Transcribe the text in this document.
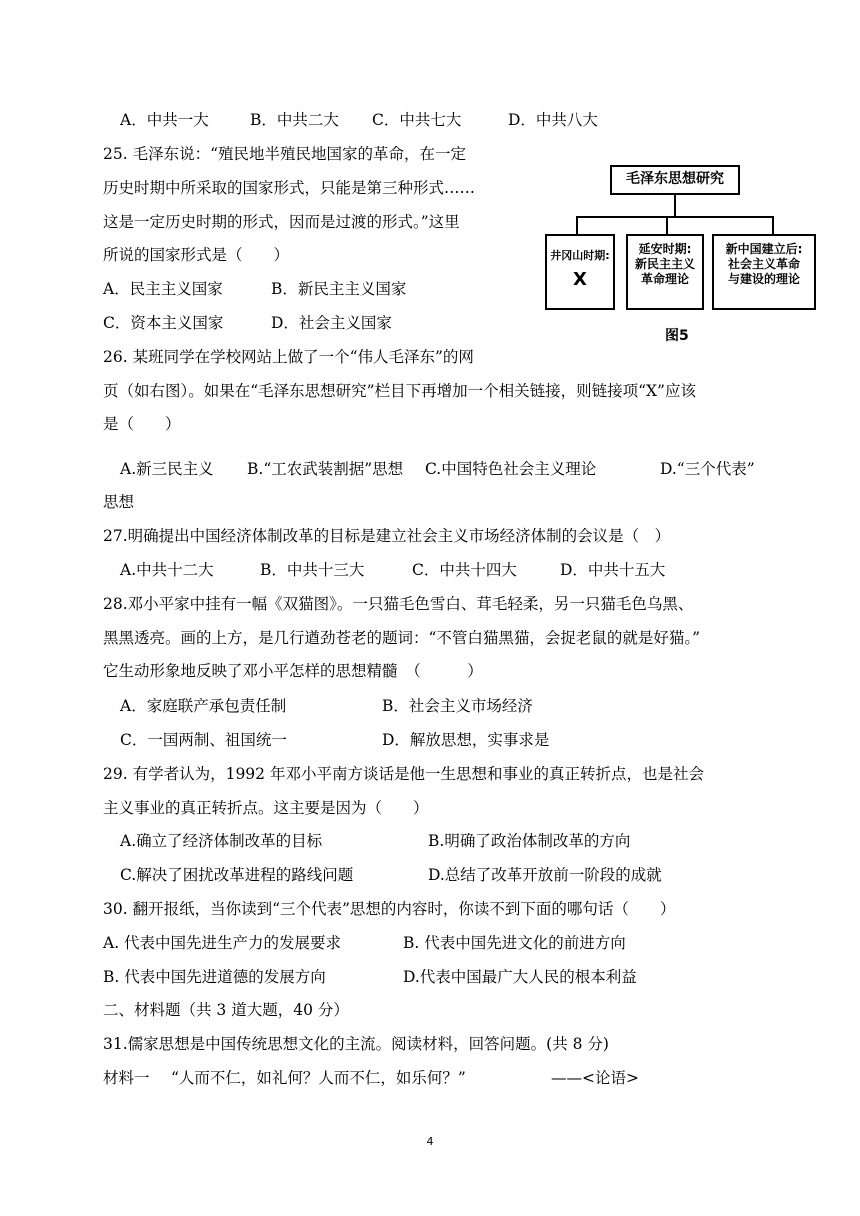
A．中共一大	B．中共二大 C．中共七大	D．中共八大
25. 毛泽东说：“殖民地半殖民地国家的革命，在一定
历史时期中所采取的国家形式，只能是第三种形式……
这是一定历史时期的形式，因而是过渡的形式。”这里
所说的国家形式是（　　）
A．民主主义国家	B．新民主主义国家
C．资本主义国家	D．社会主义国家
毛泽东思想研究
井冈山时期:
X
延安时期:
新民主主义
革命理论
新中国建立后:
社会主义革命
与建设的理论
图5
26. 某班同学在学校网站上做了一个“伟人毛泽东”的网
页（如右图）。如果在“毛泽东思想研究”栏目下再增加一个相关链接，则链接项“X”应该
是（　　）
A.新三民主义 B.“工农武装割据”思想 C.中国特色社会主义理论	D.“三个代表”
思想
27.明确提出中国经济体制改革的目标是建立社会主义市场经济体制的会议是（　）
A.中共十二大	B．中共十三大	C．中共十四大	D．中共十五大
28.邓小平家中挂有一幅《双猫图》。一只猫毛色雪白、茸毛轻柔，另一只猫毛色乌黑、
黑黑透亮。画的上方，是几行遒劲苍老的题词：“不管白猫黑猫，会捉老鼠的就是好猫。”
它生动形象地反映了邓小平怎样的思想精髓　（　　　）
A．家庭联产承包责任制	B．社会主义市场经济
C．一国两制、祖国统一	D．解放思想，实事求是
29. 有学者认为，1992 年邓小平南方谈话是他一生思想和事业的真正转折点，也是社会
主义事业的真正转折点。这主要是因为（　　）
A.确立了经济体制改革的目标	B.明确了政治体制改革的方向
C.解决了困扰改革进程的路线问题	D.总结了改革开放前一阶段的成就
30. 翻开报纸，当你读到“三个代表”思想的内容时，你读不到下面的哪句话（　　）
A. 代表中国先进生产力的发展要求	B. 代表中国先进文化的前进方向
B. 代表中国先进道德的发展方向	D.代表中国最广大人民的根本利益
二、材料题（共 3 道大题，40 分）
31.儒家思想是中国传统思想文化的主流。阅读材料，回答问题。(共 8 分)
材料一 “人而不仁，如礼何？人而不仁，如乐何？”	——<论语>
4
